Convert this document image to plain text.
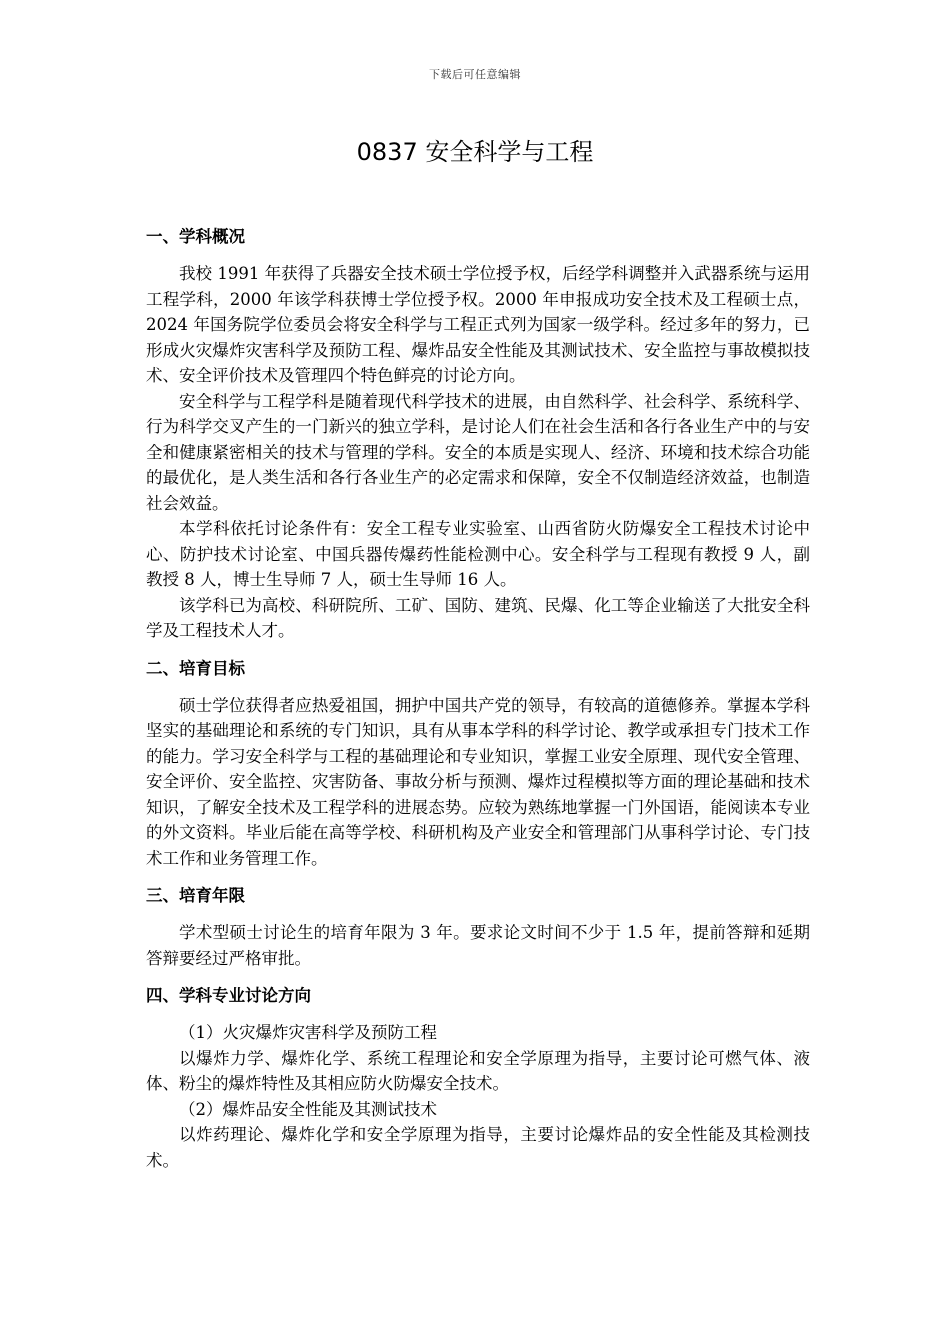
下载后可任意编辑
0837 安全科学与工程
一、学科概况

我校 1991 年获得了兵器安全技术硕士学位授予权，后经学科调整并入武器系统与运用工程学科，2000 年该学科获博士学位授予权。2000 年申报成功安全技术及工程硕士点，2024 年国务院学位委员会将安全科学与工程正式列为国家一级学科。经过多年的努力，已形成火灾爆炸灾害科学及预防工程、爆炸品安全性能及其测试技术、安全监控与事故模拟技术、安全评价技术及管理四个特色鲜亮的讨论方向。

安全科学与工程学科是随着现代科学技术的进展，由自然科学、社会科学、系统科学、行为科学交叉产生的一门新兴的独立学科，是讨论人们在社会生活和各行各业生产中的与安全和健康紧密相关的技术与管理的学科。安全的本质是实现人、经济、环境和技术综合功能的最优化，是人类生活和各行各业生产的必定需求和保障，安全不仅制造经济效益，也制造社会效益。

本学科依托讨论条件有：安全工程专业实验室、山西省防火防爆安全工程技术讨论中心、防护技术讨论室、中国兵器传爆药性能检测中心。安全科学与工程现有教授 9 人，副教授 8 人，博士生导师 7 人，硕士生导师 16 人。

该学科已为高校、科研院所、工矿、国防、建筑、民爆、化工等企业输送了大批安全科学及工程技术人才。

二、培育目标

硕士学位获得者应热爱祖国，拥护中国共产党的领导，有较高的道德修养。掌握本学科坚实的基础理论和系统的专门知识，具有从事本学科的科学讨论、教学或承担专门技术工作的能力。学习安全科学与工程的基础理论和专业知识，掌握工业安全原理、现代安全管理、安全评价、安全监控、灾害防备、事故分析与预测、爆炸过程模拟等方面的理论基础和技术知识，了解安全技术及工程学科的进展态势。应较为熟练地掌握一门外国语，能阅读本专业的外文资料。毕业后能在高等学校、科研机构及产业安全和管理部门从事科学讨论、专门技术工作和业务管理工作。

三、培育年限

学术型硕士讨论生的培育年限为 3 年。要求论文时间不少于 1.5 年，提前答辩和延期答辩要经过严格审批。

四、学科专业讨论方向

（1）火灾爆炸灾害科学及预防工程

以爆炸力学、爆炸化学、系统工程理论和安全学原理为指导，主要讨论可燃气体、液体、粉尘的爆炸特性及其相应防火防爆安全技术。

（2）爆炸品安全性能及其测试技术

以炸药理论、爆炸化学和安全学原理为指导，主要讨论爆炸品的安全性能及其检测技术。
